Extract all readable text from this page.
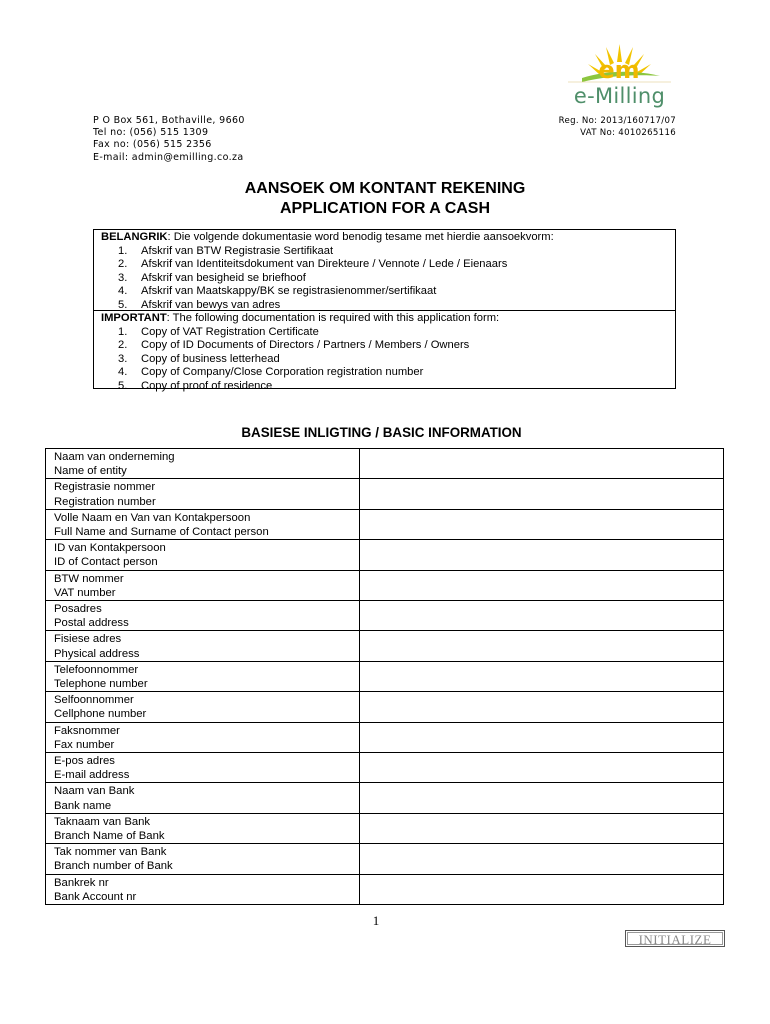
em
e-Milling
P O Box 561, Bothaville, 9660
Tel no: (056) 515 1309
Fax no: (056) 515 2356
E-mail: admin@emilling.co.za
Reg. No: 2013/160717/07
VAT No: 4010265116
AANSOEK OM KONTANT REKENING
APPLICATION FOR A CASH
BELANGRIK: Die volgende dokumentasie word benodig tesame met hierdie aansoekvorm:
1. Afskrif van BTW Registrasie Sertifikaat
2. Afskrif van Identiteitsdokument van Direkteure / Vennote / Lede / Eienaars
3. Afskrif van besigheid se briefhoof
4. Afskrif van Maatskappy/BK se registrasienommer/sertifikaat
5. Afskrif van bewys van adres
IMPORTANT: The following documentation is required with this application form:
1. Copy of VAT Registration Certificate
2. Copy of ID Documents of Directors / Partners / Members / Owners
3. Copy of business letterhead
4. Copy of Company/Close Corporation registration number
5. Copy of proof of residence
BASIESE INLIGTING / BASIC INFORMATION
Naam van onderneming
Name of entity	

Registrasie nommer
Registration number	

Volle Naam en Van van Kontakpersoon
Full Name and Surname of Contact person	

ID van Kontakpersoon
ID of Contact person	

BTW nommer
VAT number	

Posadres
Postal address	

Fisiese adres
Physical address	

Telefoonnommer
Telephone number	

Selfoonnommer
Cellphone number	

Faksnommer
Fax number	

E-pos adres
E-mail address	

Naam van Bank
Bank name	

Taknaam van Bank
Branch Name of Bank	

Tak nommer van Bank
Branch number of Bank	

Bankrek nr
Bank Account nr	

1
INITIALIZE
